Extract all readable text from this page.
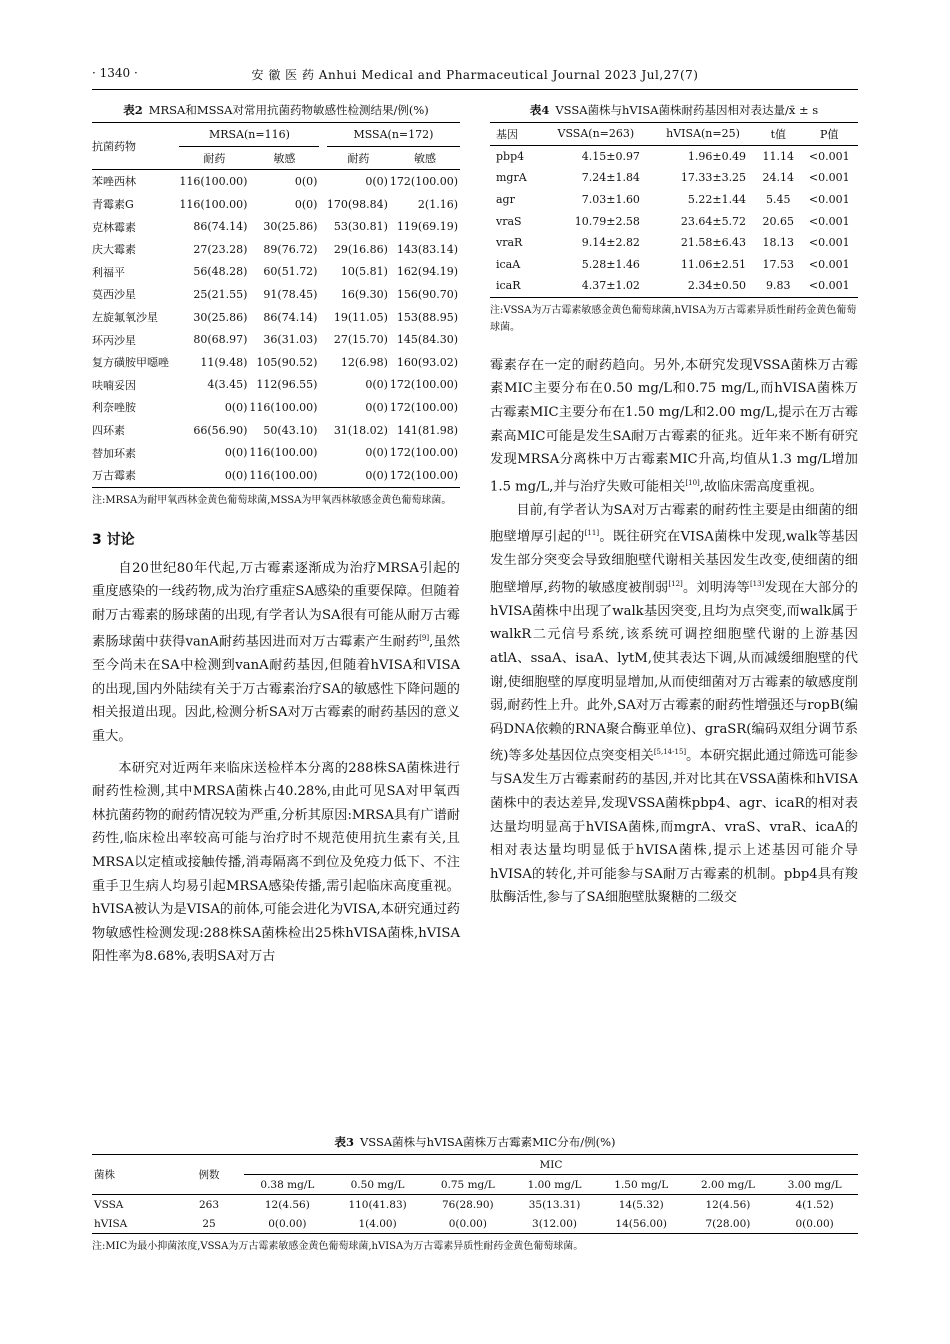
· 1340 ·	安 徽 医 药 Anhui Medical and Pharmaceutical Journal 2023 Jul,27(7)
表2 MRSA和MSSA对常用抗菌药物敏感性检测结果/例(%)
抗菌药物	MRSA(n=116)			MSSA(n=172)	
	耐药	敏感		耐药	敏感
苯唑西林	116(100.00)	0(0)		0(0)	172(100.00)
青霉素G	116(100.00)	0(0)		170(98.84)	2(1.16)
克林霉素	86(74.14)	30(25.86)		53(30.81)	119(69.19)
庆大霉素	27(23.28)	89(76.72)		29(16.86)	143(83.14)
利福平	56(48.28)	60(51.72)		10(5.81)	162(94.19)
莫西沙星	25(21.55)	91(78.45)		16(9.30)	156(90.70)
左旋氟氧沙星	30(25.86)	86(74.14)		19(11.05)	153(88.95)
环丙沙星	80(68.97)	36(31.03)		27(15.70)	145(84.30)
复方磺胺甲噁唑	11(9.48)	105(90.52)		12(6.98)	160(93.02)
呋喃妥因	4(3.45)	112(96.55)		0(0)	172(100.00)
利奈唑胺	0(0)	116(100.00)		0(0)	172(100.00)
四环素	66(56.90)	50(43.10)		31(18.02)	141(81.98)
替加环素	0(0)	116(100.00)		0(0)	172(100.00)
万古霉素	0(0)	116(100.00)		0(0)	172(100.00)
注:MRSA为耐甲氧西林金黄色葡萄球菌,MSSA为甲氧西林敏感金黄色葡萄球菌。
3 讨论

自20世纪80年代起,万古霉素逐渐成为治疗MRSA引起的重度感染的一线药物,成为治疗重症SA感染的重要保障。但随着耐万古霉素的肠球菌的出现,有学者认为SA很有可能从耐万古霉素肠球菌中获得vanA耐药基因进而对万古霉素产生耐药[9],虽然至今尚未在SA中检测到vanA耐药基因,但随着hVISA和VISA的出现,国内外陆续有关于万古霉素治疗SA的敏感性下降问题的相关报道出现。因此,检测分析SA对万古霉素的耐药基因的意义重大。

本研究对近两年来临床送检样本分离的288株SA菌株进行耐药性检测,其中MRSA菌株占40.28%,由此可见SA对甲氧西林抗菌药物的耐药情况较为严重,分析其原因:MRSA具有广谱耐药性,临床检出率较高可能与治疗时不规范使用抗生素有关,且MRSA以定植或接触传播,消毒隔离不到位及免疫力低下、不注重手卫生病人均易引起MRSA感染传播,需引起临床高度重视。hVISA被认为是VISA的前体,可能会进化为VISA,本研究通过药物敏感性检测发现:288株SA菌株检出25株hVISA菌株,hVISA阳性率为8.68%,表明SA对万古

表4 VSSA菌株与hVISA菌株耐药基因相对表达量/x̄ ± s
基因	VSSA(n=263)	hVISA(n=25)	t值	P值
pbp4	4.15±0.97	1.96±0.49	11.14	<0.001
mgrA	7.24±1.84	17.33±3.25	24.14	<0.001
agr	7.03±1.60	5.22±1.44	5.45	<0.001
vraS	10.79±2.58	23.64±5.72	20.65	<0.001
vraR	9.14±2.82	21.58±6.43	18.13	<0.001
icaA	5.28±1.46	11.06±2.51	17.53	<0.001
icaR	4.37±1.02	2.34±0.50	9.83	<0.001
注:VSSA为万古霉素敏感金黄色葡萄球菌,hVISA为万古霉素异质性耐药金黄色葡萄球菌。

霉素存在一定的耐药趋向。另外,本研究发现VSSA菌株万古霉素MIC主要分布在0.50 mg/L和0.75 mg/L,而hVISA菌株万古霉素MIC主要分布在1.50 mg/L和2.00 mg/L,提示在万古霉素高MIC可能是发生SA耐万古霉素的征兆。近年来不断有研究发现MRSA分离株中万古霉素MIC升高,均值从1.3 mg/L增加1.5 mg/L,并与治疗失败可能相关[10],故临床需高度重视。

目前,有学者认为SA对万古霉素的耐药性主要是由细菌的细胞壁增厚引起的[11]。既往研究在VISA菌株中发现,walk等基因发生部分突变会导致细胞壁代谢相关基因发生改变,使细菌的细胞壁增厚,药物的敏感度被削弱[12]。刘明涛等[13]发现在大部分的hVISA菌株中出现了walk基因突变,且均为点突变,而walk属于walkR二元信号系统,该系统可调控细胞壁代谢的上游基因atlA、ssaA、isaA、lytM,使其表达下调,从而减缓细胞壁的代谢,使细胞壁的厚度明显增加,从而使细菌对万古霉素的敏感度削弱,耐药性上升。此外,SA对万古霉素的耐药性增强还与ropB(编码DNA依赖的RNA聚合酶亚单位)、graSR(编码双组分调节系统)等多处基因位点突变相关[5,14-15]。本研究据此通过筛选可能参与SA发生万古霉素耐药的基因,并对比其在VSSA菌株和hVISA菌株中的表达差异,发现VSSA菌株pbp4、agr、icaR的相对表达量均明显高于hVISA菌株,而mgrA、vraS、vraR、icaA的相对表达量均明显低于hVISA菌株,提示上述基因可能介导hVISA的转化,并可能参与SA耐万古霉素的机制。pbp4具有羧肽酶活性,参与了SA细胞壁肽聚糖的二级交

表3 VSSA菌株与hVISA菌株万古霉素MIC分布/例(%)
菌株	例数	MIC						
		0.38 mg/L	0.50 mg/L	0.75 mg/L	1.00 mg/L	1.50 mg/L	2.00 mg/L	3.00 mg/L
VSSA	263	12(4.56)	110(41.83)	76(28.90)	35(13.31)	14(5.32)	12(4.56)	4(1.52)
hVISA	25	0(0.00)	1(4.00)	0(0.00)	3(12.00)	14(56.00)	7(28.00)	0(0.00)
注:MIC为最小抑菌浓度,VSSA为万古霉素敏感金黄色葡萄球菌,hVISA为万古霉素异质性耐药金黄色葡萄球菌。
